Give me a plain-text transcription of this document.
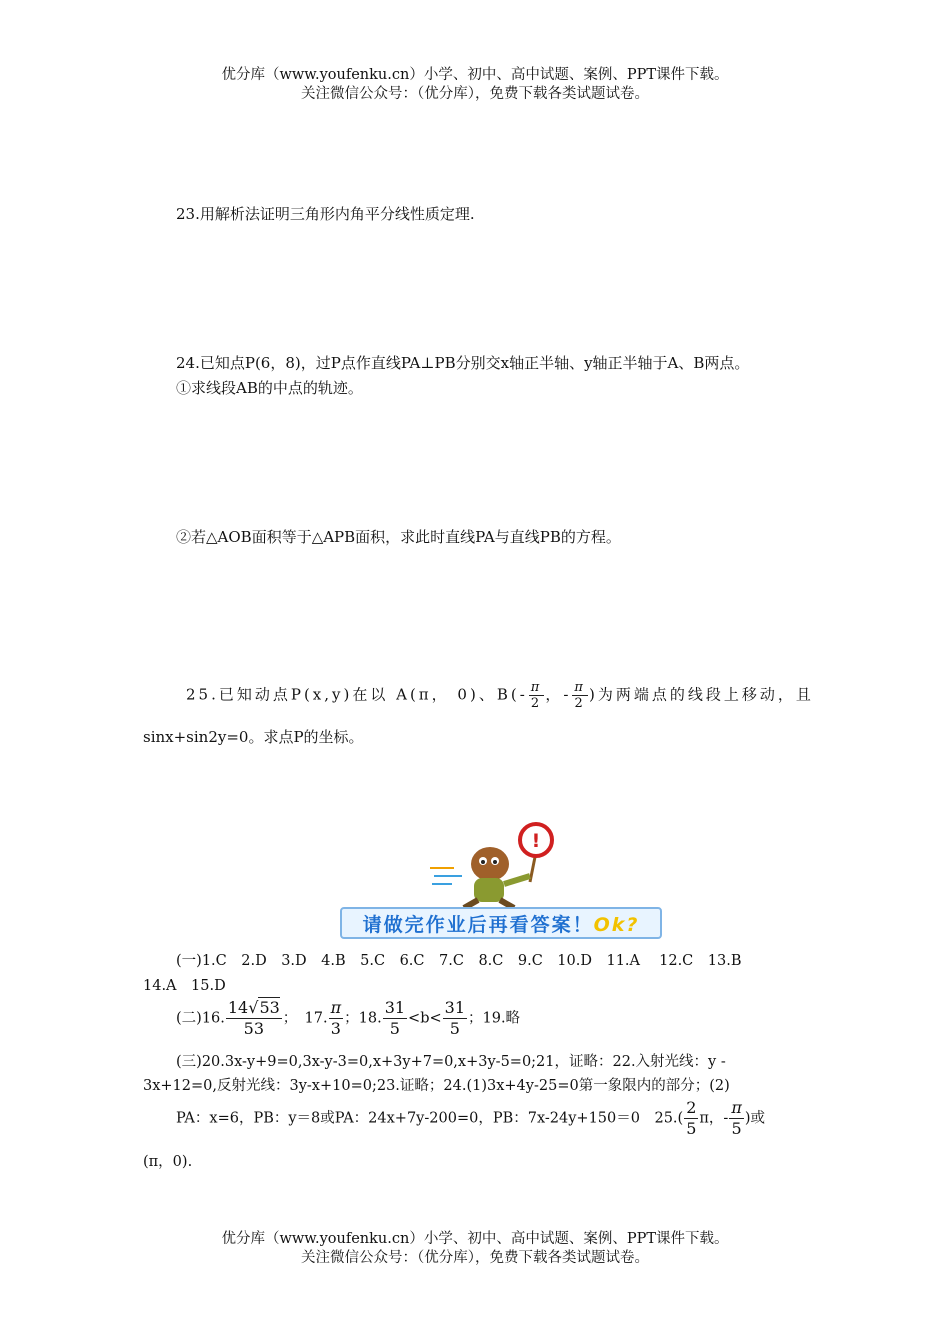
优分库（www.youfenku.cn）小学、初中、高中试题、案例、PPT课件下载。
关注微信公众号：（优分库），免费下载各类试题试卷。
23.用解析法证明三角形内角平分线性质定理.
24.已知点P(6，8)，过P点作直线PA⊥PB分别交x轴正半轴、y轴正半轴于A、B两点。
①求线段AB的中点的轨迹。
②若△AOB面积等于△APB面积，求此时直线PA与直线PB的方程。
25.已知动点P(x,y)在以 A(π， 0)、$B(- \frac{\pi}{2}$ ，- $\frac{\pi}{2}$ )为两端点的线段上移动，且
sinx+sin2y=0。求点P的坐标。
!
请做完作业后再看答案！Ok?
(一)1.C　2.D　3.D　4.B　5.C　6.C　7.C　8.C　9.C　10.D　11.A　 12.C　13.B
14.A　15.D
(二)16. $\frac{14√53}{53}$ ；　17. $\frac{\pi}{3}$ ；18. $\frac{31}{5} <b< \frac{31}{5}$ ；19.略
(三)20.3x-y+9=0,3x-y-3=0,x+3y+7=0,x+3y-5=0;21，证略：22.入射光线：y -
3x+12=0,反射光线：3y-x+10=0;23.证略；24.(1)3x+4y-25=0第一象限内的部分；(2)
PA：x=6，PB：y＝8或PA：24x+7y-200=0，PB：7x-24y+150＝0　$25.( \frac{2}{5}$ π，- $\frac{\pi}{5}$ )或
(π，0).
优分库（www.youfenku.cn）小学、初中、高中试题、案例、PPT课件下载。
关注微信公众号：（优分库），免费下载各类试题试卷。
